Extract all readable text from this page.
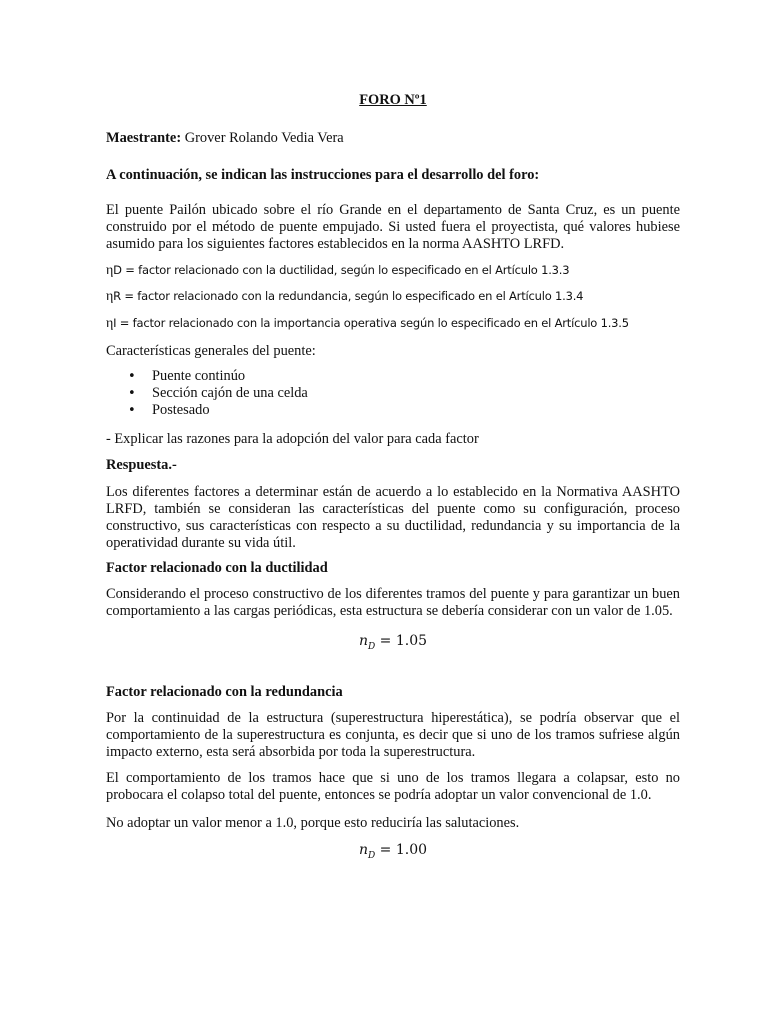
FORO Nº1

Maestrante: Grover Rolando Vedia Vera

A continuación, se indican las instrucciones para el desarrollo del foro:

El puente Pailón ubicado sobre el río Grande en el departamento de Santa Cruz, es un puente construido por el método de puente empujado. Si usted fuera el proyectista, qué valores hubiese asumido para los siguientes factores establecidos en la norma AASHTO LRFD.

ηD = factor relacionado con la ductilidad, según lo especificado en el Artículo 1.3.3

ηR = factor relacionado con la redundancia, según lo especificado en el Artículo 1.3.4

ηI = factor relacionado con la importancia operativa según lo especificado en el Artículo 1.3.5

Características generales del puente:

• Puente continúo
• Sección cajón de una celda
• Postesado

- Explicar las razones para la adopción del valor para cada factor

Respuesta.-

Los diferentes factores a determinar están de acuerdo a lo establecido en la Normativa AASHTO LRFD, también se consideran las características del puente como su configuración, proceso constructivo, sus características con respecto a su ductilidad, redundancia y su importancia de la operatividad durante su vida útil.

Factor relacionado con la ductilidad

Considerando el proceso constructivo de los diferentes tramos del puente y para garantizar un buen comportamiento a las cargas periódicas, esta estructura se debería considerar con un valor de 1.05.

$n_D = 1.05$

Factor relacionado con la redundancia

Por la continuidad de la estructura (superestructura hiperestática), se podría observar que el comportamiento de la superestructura es conjunta, es decir que si uno de los tramos sufriese algún impacto externo, esta será absorbida por toda la superestructura.

El comportamiento de los tramos hace que si uno de los tramos llegara a colapsar, esto no probocara el colapso total del puente, entonces se podría adoptar un valor convencional de 1.0.

No adoptar un valor menor a 1.0, porque esto reduciría las salutaciones.

$n_D = 1.00$
